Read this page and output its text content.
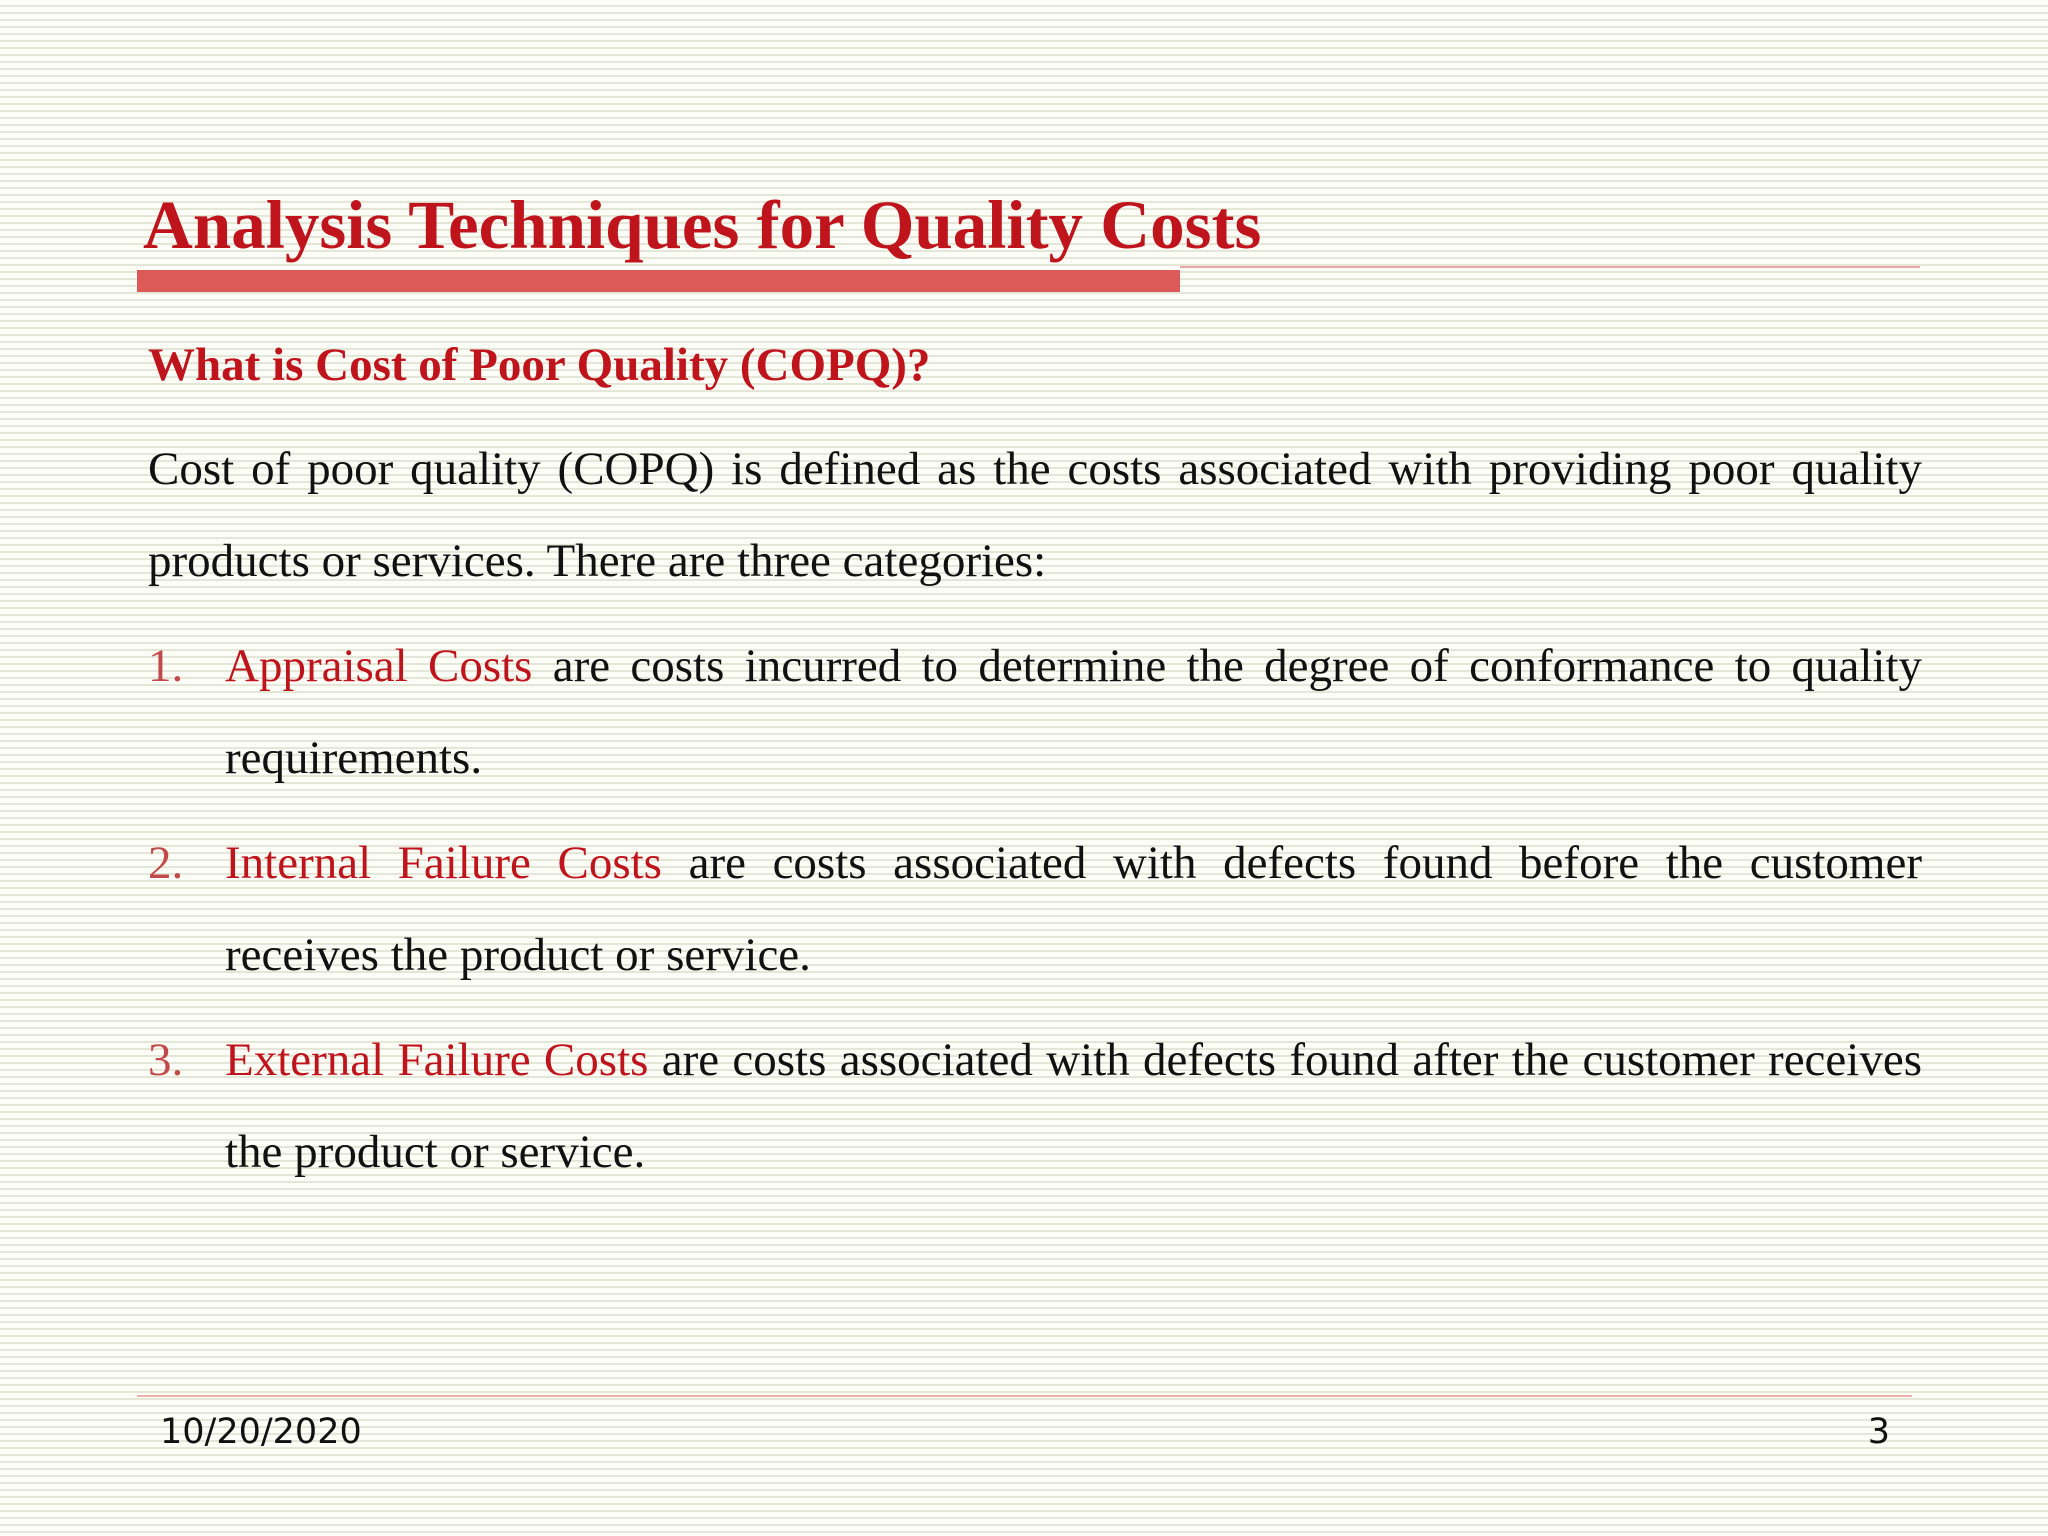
Analysis Techniques for Quality Costs
What is Cost of Poor Quality (COPQ)?

Cost of poor quality (COPQ) is defined as the costs associated with providing poor quality products or services. There are three categories:

1. Appraisal Costs are costs incurred to determine the degree of conformance to quality requirements.
2. Internal Failure Costs are costs associated with defects found before the customer receives the product or service.
3. External Failure Costs are costs associated with defects found after the customer receives the product or service.
10/20/2020	3
